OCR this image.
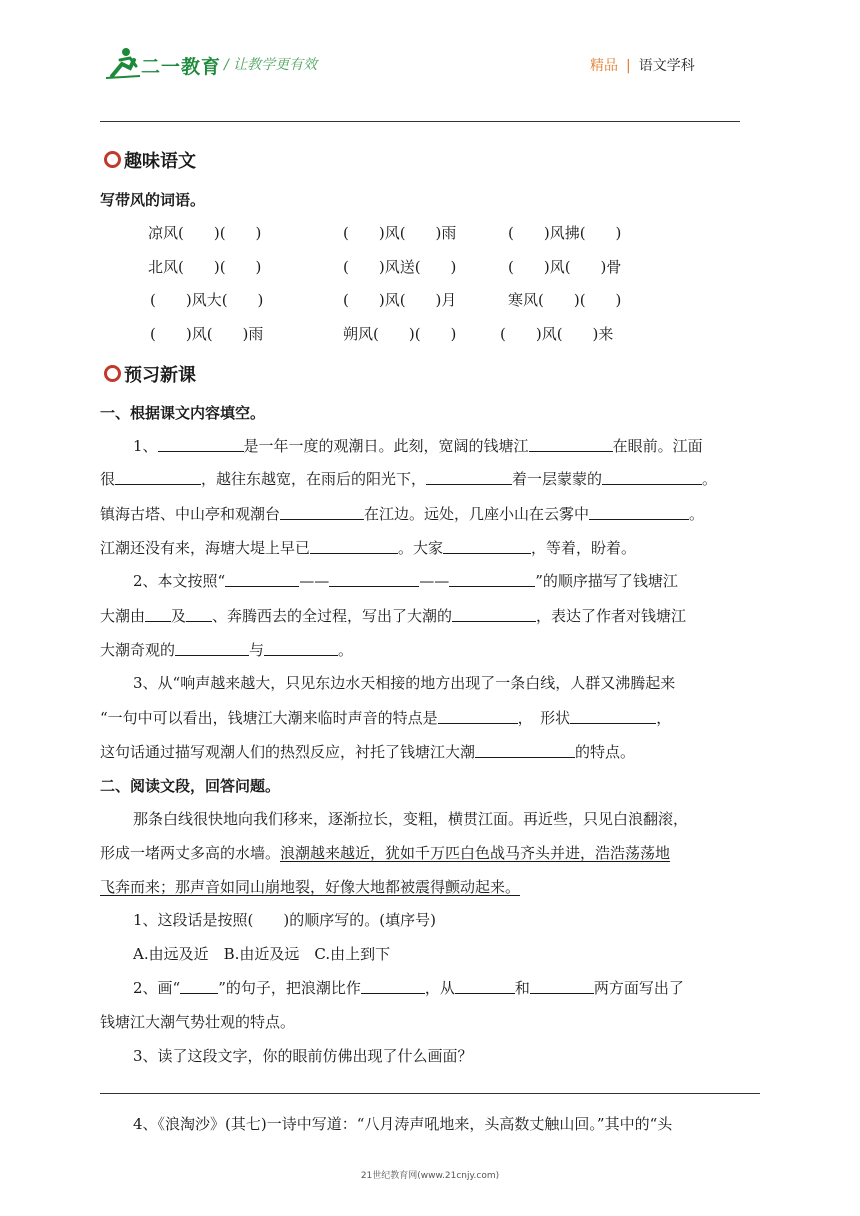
二一教育 / 让教学更有效	精品 | 语文学科
趣味语文
写带风的词语。
凉风(　　)(　　)	(　　)风(　　)雨	(　　)风拂(　　)
北风(　　)(　　)	(　　)风送(　　)	(　　)风(　　)骨
(　　)风大(　　)	(　　)风(　　)月	寒风(　　)(　　)
(　　)风(　　)雨	朔风(　　)(　　)	(　　)风(　　)来
预习新课
一、根据课文内容填空。
1、	是一年一度的观潮日。此刻，宽阔的钱塘江	在眼前。江面
很	，越往东越宽，在雨后的阳光下，	着一层蒙蒙的	。
镇海古塔、中山亭和观潮台	在江边。远处，几座小山在云雾中	。
江潮还没有来，海塘大堤上早已	。大家	，等着，盼着。
2、本文按照“	——	——	”的顺序描写了钱塘江
大潮由 及 、奔腾西去的全过程，写出了大潮的	，表达了作者对钱塘江
大潮奇观的	与	。
3、从“响声越来越大，只见东边水天相接的地方出现了一条白线，人群又沸腾起来
“一句中可以看出，钱塘江大潮来临时声音的特点是	，　形状	，
这句话通过描写观潮人们的热烈反应，衬托了钱塘江大潮	的特点。
二、阅读文段，回答问题。
那条白线很快地向我们移来，逐渐拉长，变粗，横贯江面。再近些，只见白浪翻滚，
形成一堵两丈多高的水墙。浪潮越来越近，犹如千万匹白色战马齐头并进，浩浩荡荡地
飞奔而来；那声音如同山崩地裂，好像大地都被震得颤动起来。
1、这段话是按照(　　)的顺序写的。(填序号)
A.由远及近　B.由近及远　C.由上到下
2、画“	”的句子，把浪潮比作	，从	和	两方面写出了
钱塘江大潮气势壮观的特点。
3、读了这段文字，你的眼前仿佛出现了什么画面？
4、《浪淘沙》(其七)一诗中写道：“八月涛声吼地来，头高数丈触山回。”其中的“头
21世纪教育网(www.21cnjy.com)
